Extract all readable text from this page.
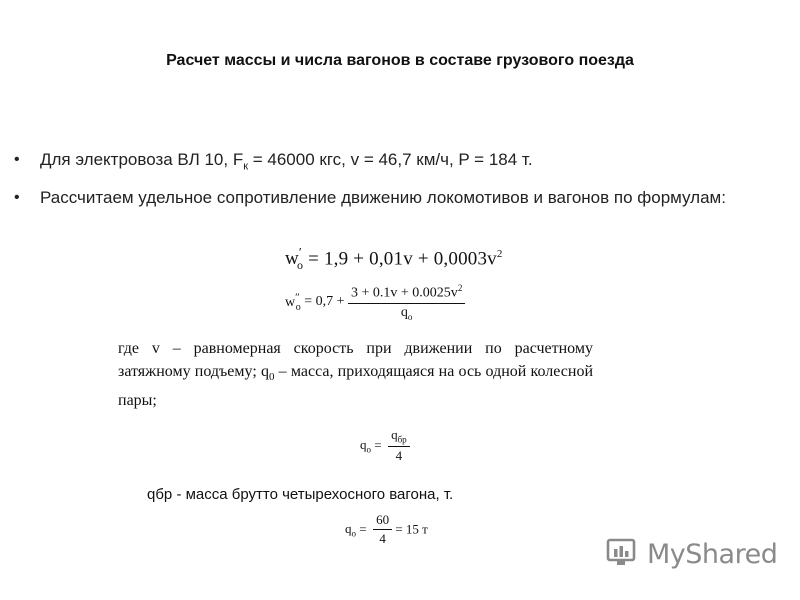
Расчет массы и числа вагонов в составе грузового поезда
• Для электровоза ВЛ 10, $F_к = 46000$ кгс, v = 46,7 км/ч, P = 184 т.
• Рассчитаем удельное сопротивление движению локомотивов и вагонов по формулам:
$w'_o = 1,9 + 0,01v + 0,0003v^2$
$w''_o = 0,7 + \frac{3 + 0.1v + 0.0025v^2}{q_o}$
где v – равномерная скорость при движении по расчетному затяжному подъему; $q_0$ – масса, приходящаяся на ось одной колесной пары;
$q_o = \frac{q_{бр}}{4}$
qбр - масса брутто четырехосного вагона, т.
$q_o = \frac{60}{4} = 15$ т
MyShared
